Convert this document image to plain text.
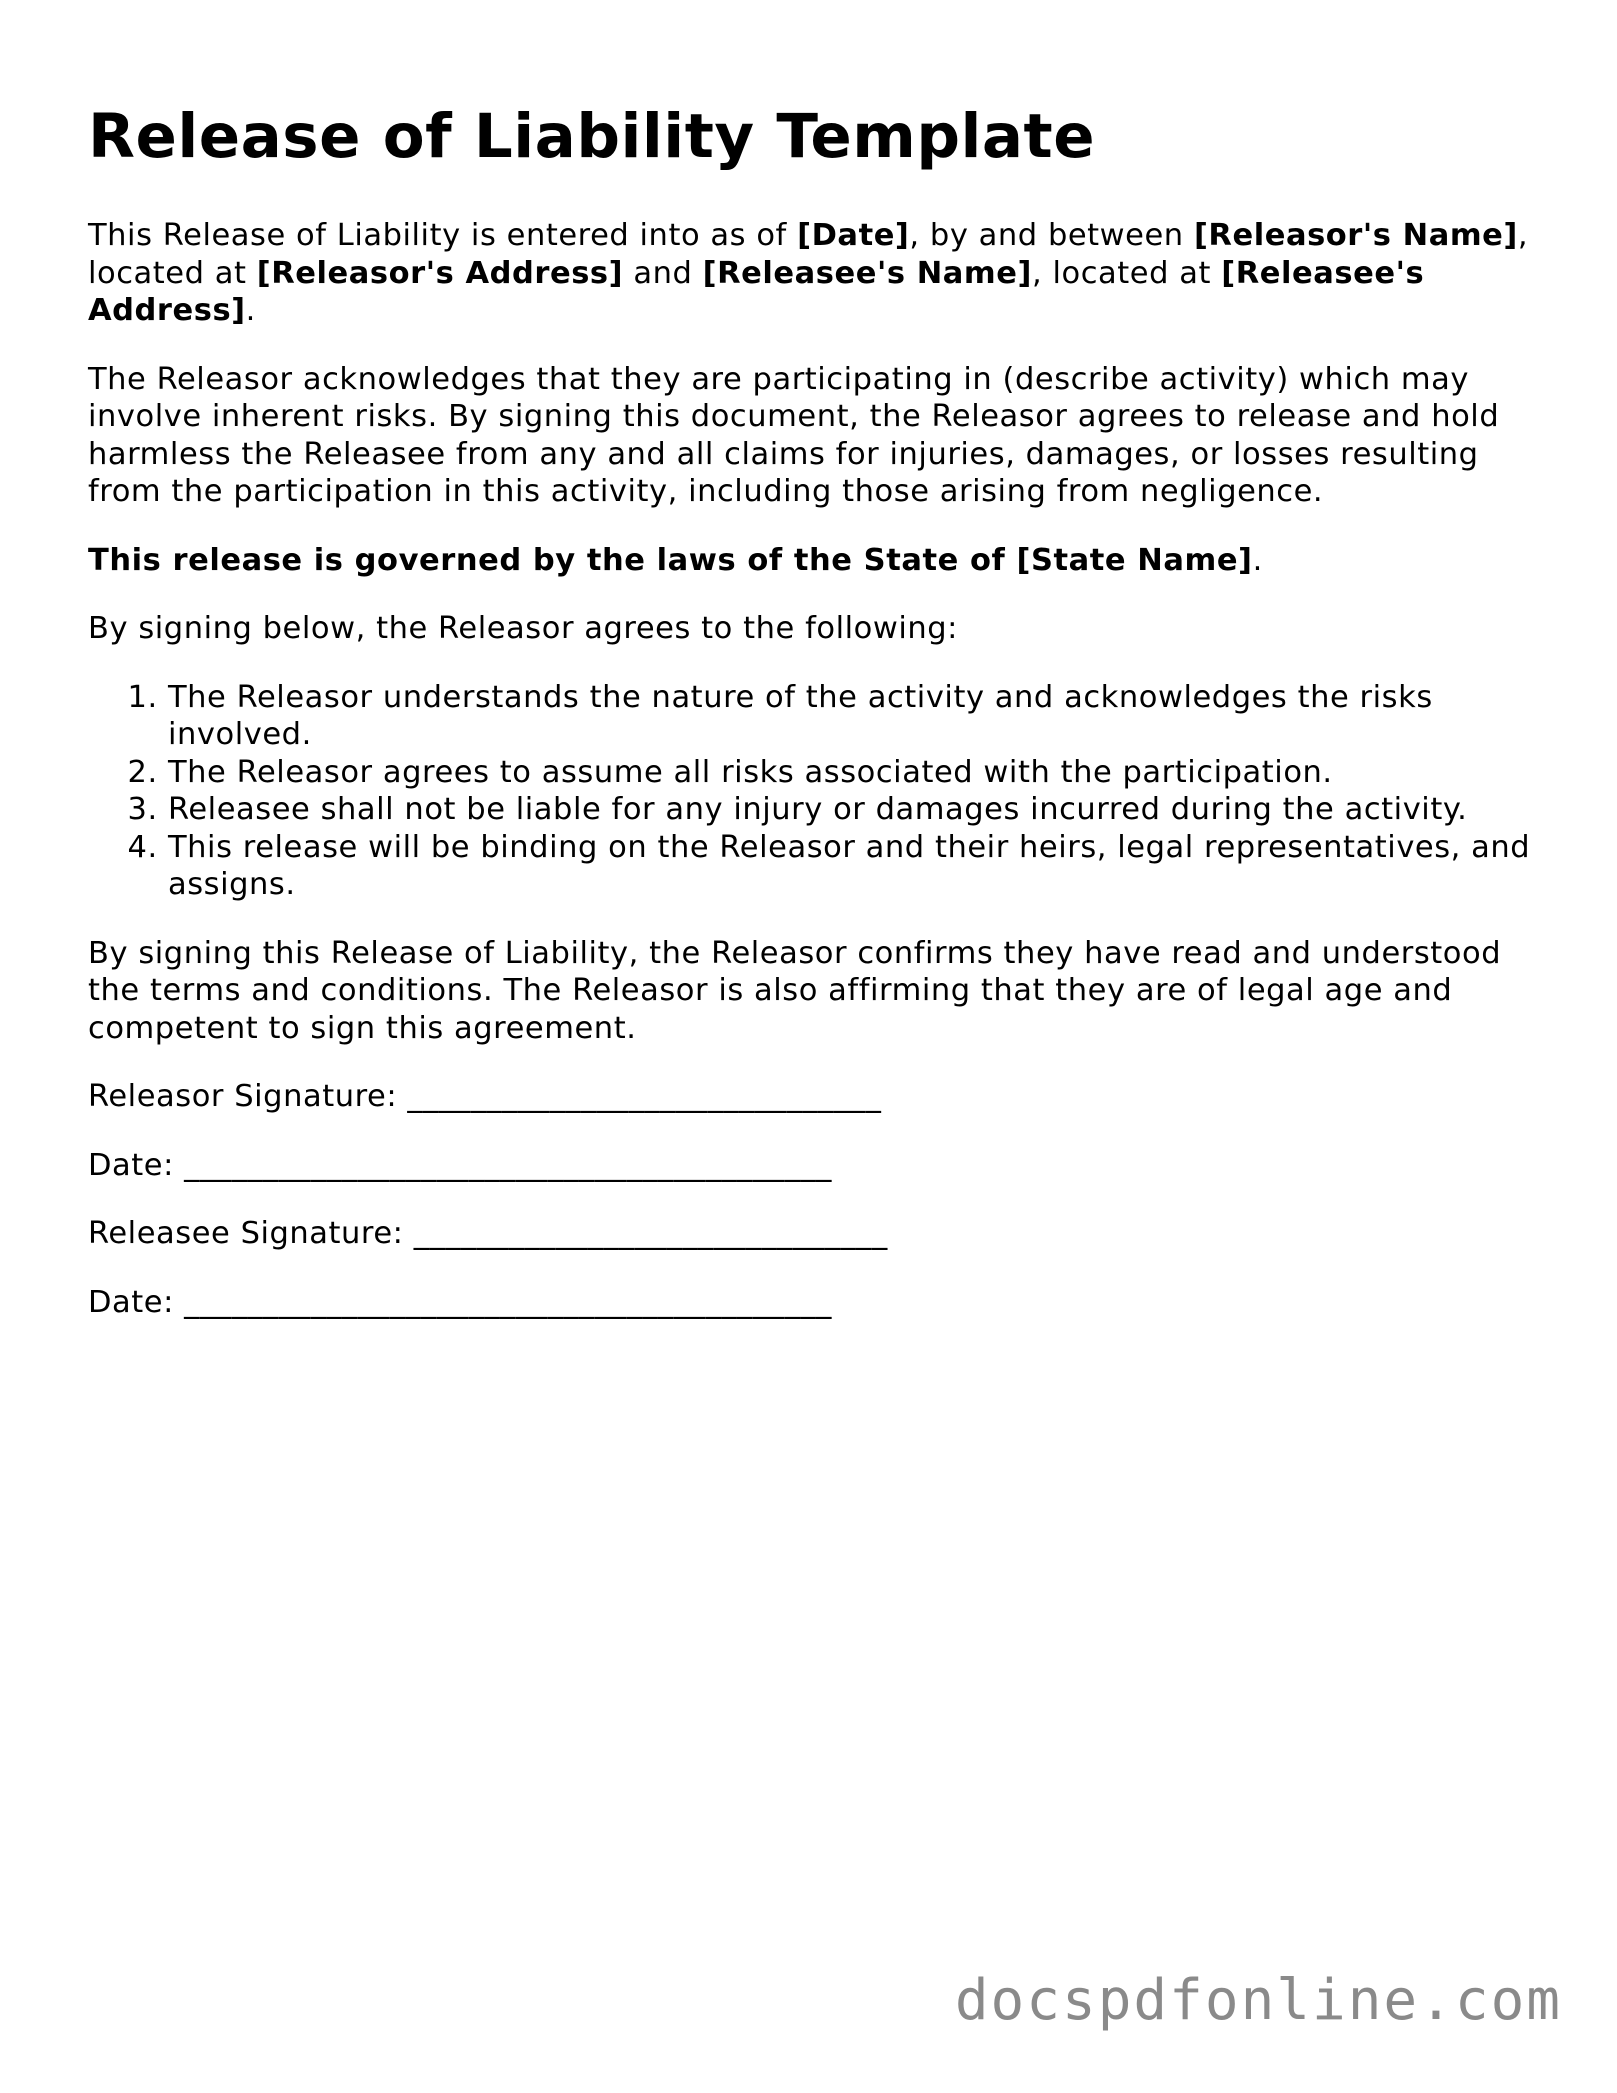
Release of Liability Template

This Release of Liability is entered into as of [Date], by and between [Releasor's Name], located at [Releasor's Address] and [Releasee's Name], located at [Releasee's Address].

The Releasor acknowledges that they are participating in (describe activity) which may involve inherent risks. By signing this document, the Releasor agrees to release and hold harmless the Releasee from any and all claims for injuries, damages, or losses resulting from the participation in this activity, including those arising from negligence.

This release is governed by the laws of the State of [State Name].

By signing below, the Releasor agrees to the following:

1. The Releasor understands the nature of the activity and acknowledges the risks involved.
2. The Releasor agrees to assume all risks associated with the participation.
3. Releasee shall not be liable for any injury or damages incurred during the activity.
4. This release will be binding on the Releasor and their heirs, legal representatives, and assigns.

By signing this Release of Liability, the Releasor confirms they have read and understood the terms and conditions. The Releasor is also affirming that they are of legal age and competent to sign this agreement.

Releasor Signature: ______________________________
Date: _________________________________________
Releasee Signature: ______________________________
Date: _________________________________________
docspdfonline.com
